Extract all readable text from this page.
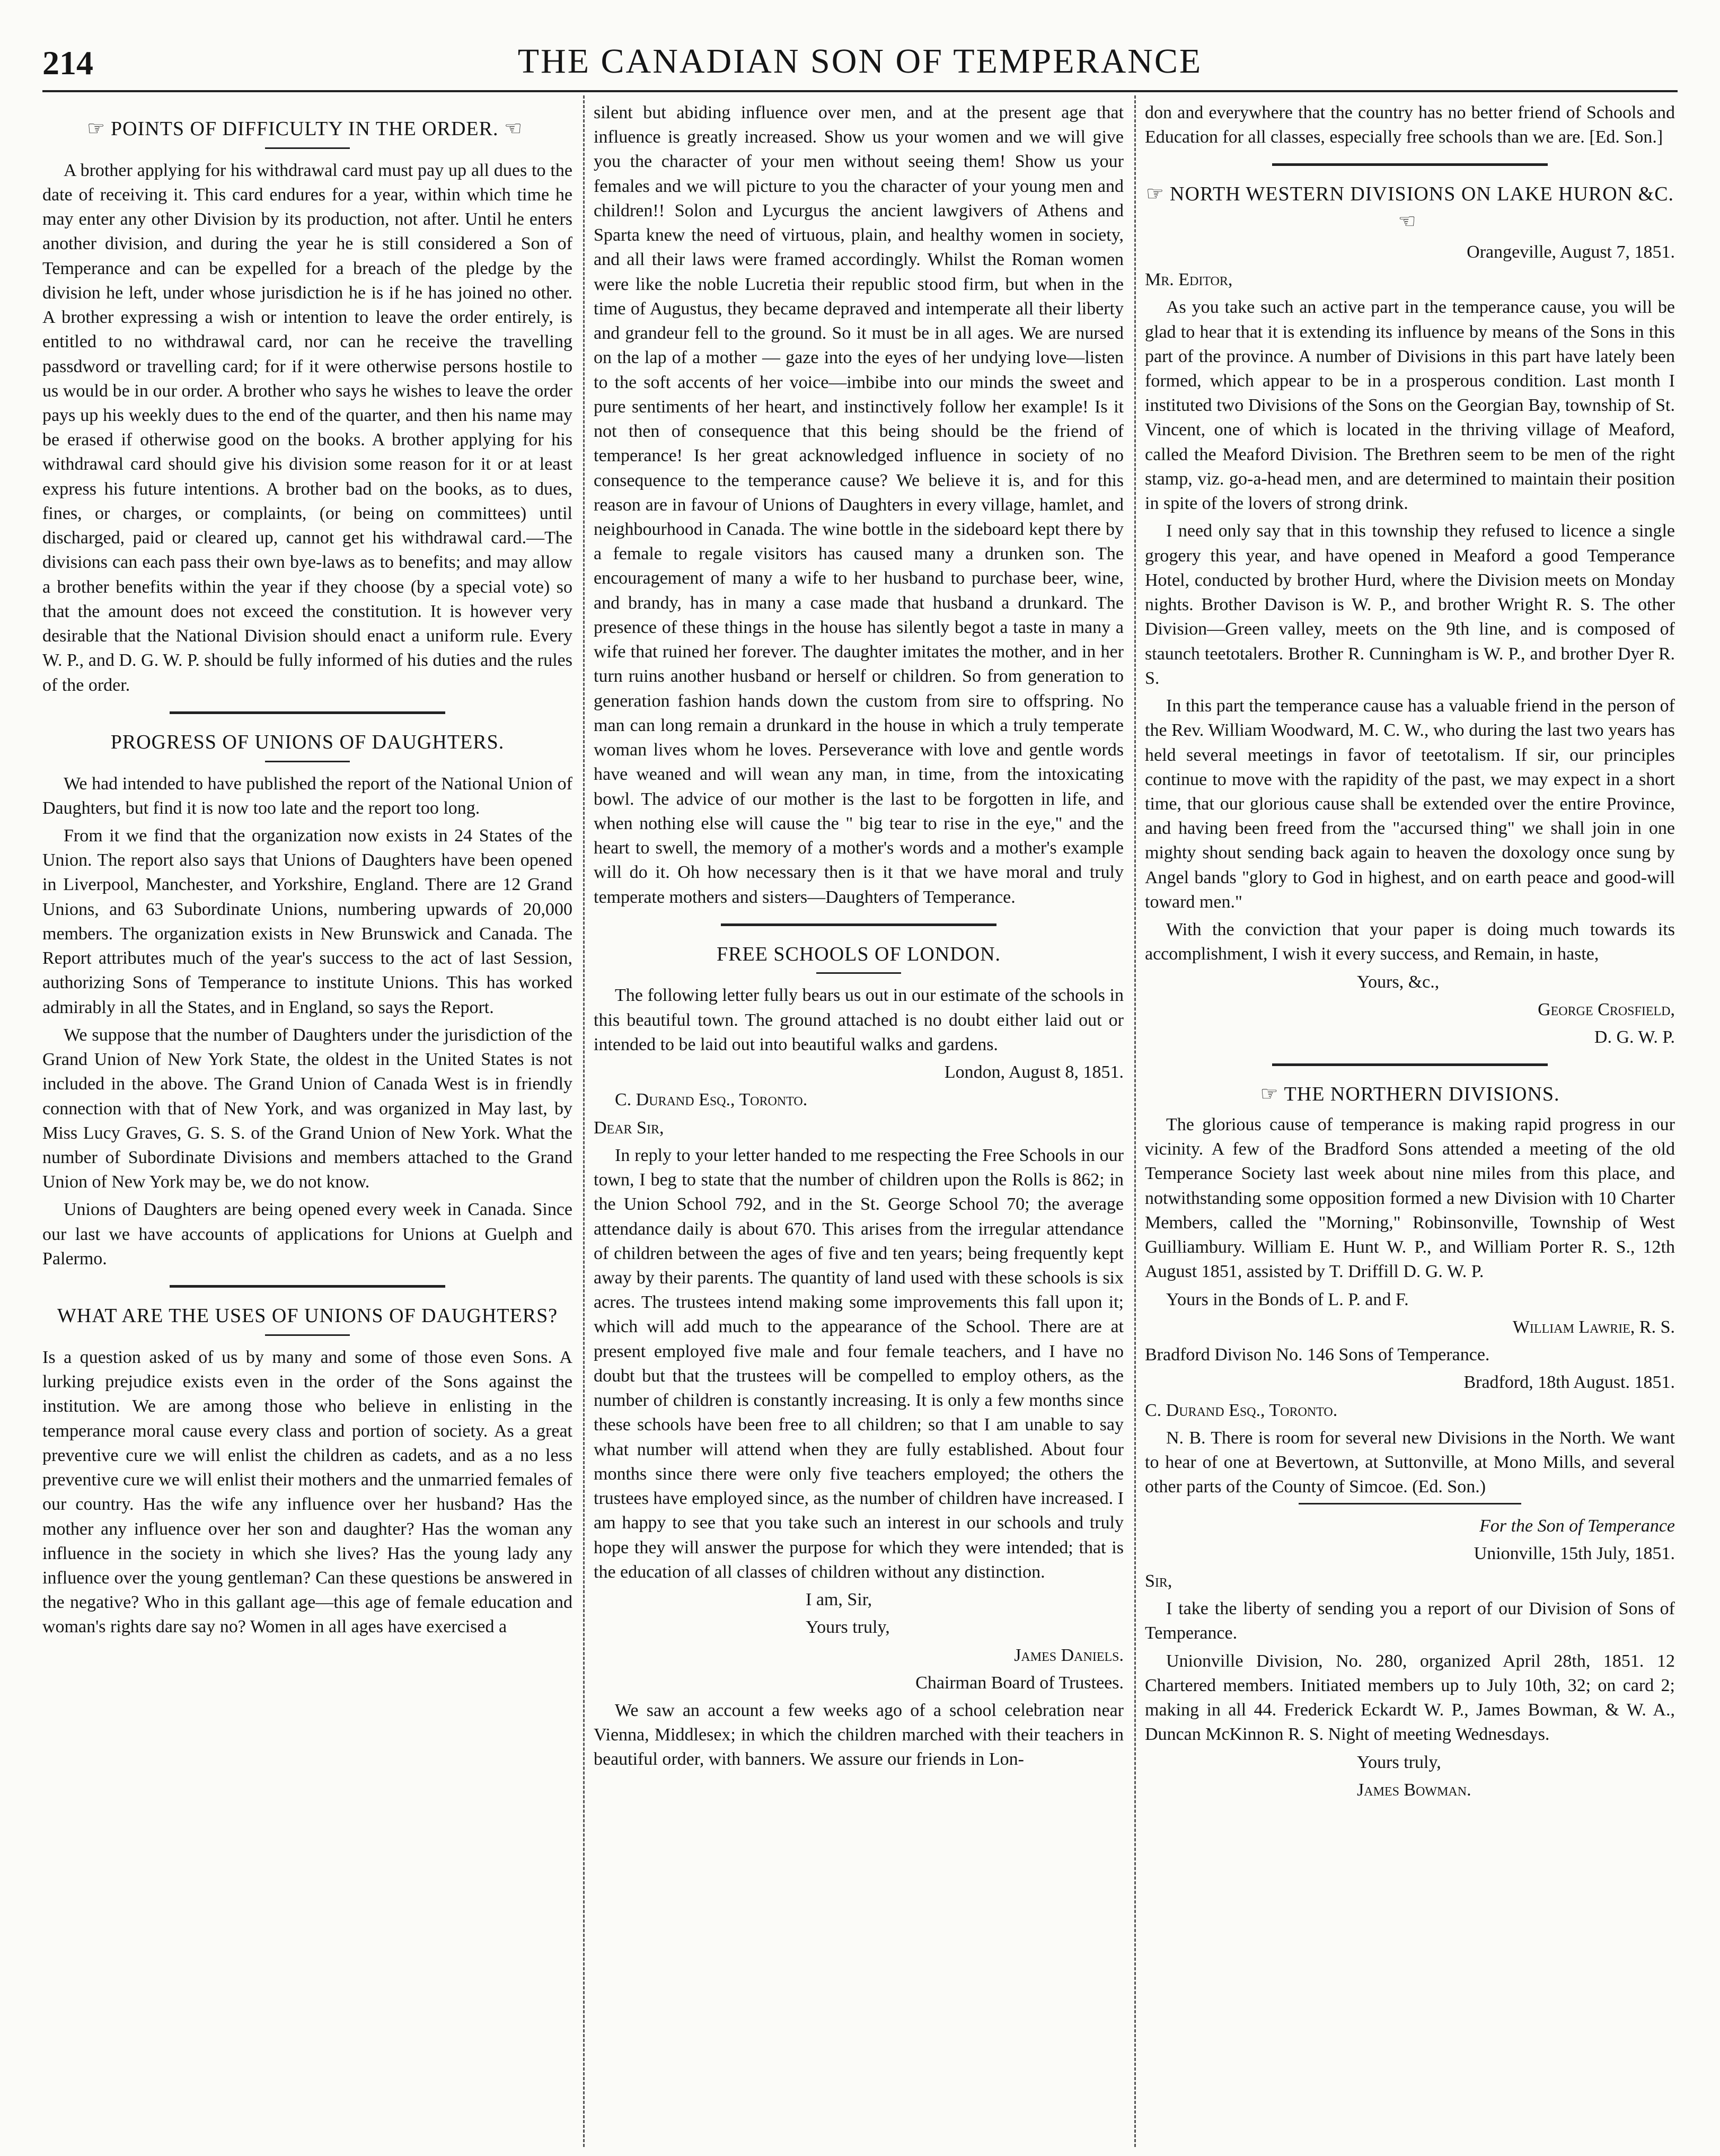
214	THE CANADIAN SON OF TEMPERANCE
☞ POINTS OF DIFFICULTY IN THE ORDER. ☜

A brother applying for his withdrawal card must pay up all dues to the date of receiving it. This card endures for a year, within which time he may enter any other Division by its production, not after. Until he enters another division, and during the year he is still considered a Son of Temperance and can be expelled for a breach of the pledge by the division he left, under whose jurisdiction he is if he has joined no other. A brother expressing a wish or intention to leave the order entirely, is entitled to no withdrawal card, nor can he receive the travelling passdword or travelling card; for if it were otherwise persons hostile to us would be in our order. A brother who says he wishes to leave the order pays up his weekly dues to the end of the quarter, and then his name may be erased if otherwise good on the books. A brother applying for his withdrawal card should give his division some reason for it or at least express his future intentions. A brother bad on the books, as to dues, fines, or charges, or complaints, (or being on committees) until discharged, paid or cleared up, cannot get his withdrawal card.—The divisions can each pass their own bye-laws as to benefits; and may allow a brother benefits within the year if they choose (by a special vote) so that the amount does not exceed the constitution. It is however very desirable that the National Division should enact a uniform rule. Every W. P., and D. G. W. P. should be fully informed of his duties and the rules of the order.

PROGRESS OF UNIONS OF DAUGHTERS.

We had intended to have published the report of the National Union of Daughters, but find it is now too late and the report too long.

From it we find that the organization now exists in 24 States of the Union. The report also says that Unions of Daughters have been opened in Liverpool, Manchester, and Yorkshire, England. There are 12 Grand Unions, and 63 Subordinate Unions, numbering upwards of 20,000 members. The organization exists in New Brunswick and Canada. The Report attributes much of the year's success to the act of last Session, authorizing Sons of Temperance to institute Unions. This has worked admirably in all the States, and in England, so says the Report.

We suppose that the number of Daughters under the jurisdiction of the Grand Union of New York State, the oldest in the United States is not included in the above. The Grand Union of Canada West is in friendly connection with that of New York, and was organized in May last, by Miss Lucy Graves, G. S. S. of the Grand Union of New York. What the number of Subordinate Divisions and members attached to the Grand Union of New York may be, we do not know.

Unions of Daughters are being opened every week in Canada. Since our last we have accounts of applications for Unions at Guelph and Palermo.

WHAT ARE THE USES OF UNIONS OF DAUGHTERS?

Is a question asked of us by many and some of those even Sons. A lurking prejudice exists even in the order of the Sons against the institution. We are among those who believe in enlisting in the temperance moral cause every class and portion of society. As a great preventive cure we will enlist the children as cadets, and as a no less preventive cure we will enlist their mothers and the unmarried females of our country. Has the wife any influence over her husband? Has the mother any influence over her son and daughter? Has the woman any influence in the society in which she lives? Has the young lady any influence over the young gentleman? Can these questions be answered in the negative? Who in this gallant age—this age of female education and woman's rights dare say no? Women in all ages have exercised a

silent but abiding influence over men, and at the present age that influence is greatly increased. Show us your women and we will give you the character of your men without seeing them! Show us your females and we will picture to you the character of your young men and children!! Solon and Lycurgus the ancient lawgivers of Athens and Sparta knew the need of virtuous, plain, and healthy women in society, and all their laws were framed accordingly. Whilst the Roman women were like the noble Lucretia their republic stood firm, but when in the time of Augustus, they became depraved and intemperate all their liberty and grandeur fell to the ground. So it must be in all ages. We are nursed on the lap of a mother — gaze into the eyes of her undying love—listen to the soft accents of her voice—imbibe into our minds the sweet and pure sentiments of her heart, and instinctively follow her example! Is it not then of consequence that this being should be the friend of temperance! Is her great acknowledged influence in society of no consequence to the temperance cause? We believe it is, and for this reason are in favour of Unions of Daughters in every village, hamlet, and neighbourhood in Canada. The wine bottle in the sideboard kept there by a female to regale visitors has caused many a drunken son. The encouragement of many a wife to her husband to purchase beer, wine, and brandy, has in many a case made that husband a drunkard. The presence of these things in the house has silently begot a taste in many a wife that ruined her forever. The daughter imitates the mother, and in her turn ruins another husband or herself or children. So from generation to generation fashion hands down the custom from sire to offspring. No man can long remain a drunkard in the house in which a truly temperate woman lives whom he loves. Perseverance with love and gentle words have weaned and will wean any man, in time, from the intoxicating bowl. The advice of our mother is the last to be forgotten in life, and when nothing else will cause the " big tear to rise in the eye," and the heart to swell, the memory of a mother's words and a mother's example will do it. Oh how necessary then is it that we have moral and truly temperate mothers and sisters—Daughters of Temperance.

FREE SCHOOLS OF LONDON.

The following letter fully bears us out in our estimate of the schools in this beautiful town. The ground attached is no doubt either laid out or intended to be laid out into beautiful walks and gardens.

London, August 8, 1851.

C. Durand Esq., Toronto.

Dear Sir,

In reply to your letter handed to me respecting the Free Schools in our town, I beg to state that the number of children upon the Rolls is 862; in the Union School 792, and in the St. George School 70; the average attendance daily is about 670. This arises from the irregular attendance of children between the ages of five and ten years; being frequently kept away by their parents. The quantity of land used with these schools is six acres. The trustees intend making some improvements this fall upon it; which will add much to the appearance of the School. There are at present employed five male and four female teachers, and I have no doubt but that the trustees will be compelled to employ others, as the number of children is constantly increasing. It is only a few months since these schools have been free to all children; so that I am unable to say what number will attend when they are fully established. About four months since there were only five teachers employed; the others the trustees have employed since, as the number of children have increased. I am happy to see that you take such an interest in our schools and truly hope they will answer the purpose for which they were intended; that is the education of all classes of children without any distinction.

I am, Sir,

Yours truly,

James Daniels.

Chairman Board of Trustees.

We saw an account a few weeks ago of a school celebration near Vienna, Middlesex; in which the children marched with their teachers in beautiful order, with banners. We assure our friends in Lon-

don and everywhere that the country has no better friend of Schools and Education for all classes, especially free schools than we are. [Ed. Son.]

☞ NORTH WESTERN DIVISIONS ON LAKE HURON &C. ☜

Orangeville, August 7, 1851.

Mr. Editor,

As you take such an active part in the temperance cause, you will be glad to hear that it is extending its influence by means of the Sons in this part of the province. A number of Divisions in this part have lately been formed, which appear to be in a prosperous condition. Last month I instituted two Divisions of the Sons on the Georgian Bay, township of St. Vincent, one of which is located in the thriving village of Meaford, called the Meaford Division. The Brethren seem to be men of the right stamp, viz. go-a-head men, and are determined to maintain their position in spite of the lovers of strong drink.

I need only say that in this township they refused to licence a single grogery this year, and have opened in Meaford a good Temperance Hotel, conducted by brother Hurd, where the Division meets on Monday nights. Brother Davison is W. P., and brother Wright R. S. The other Division—Green valley, meets on the 9th line, and is composed of staunch teetotalers. Brother R. Cunningham is W. P., and brother Dyer R. S.

In this part the temperance cause has a valuable friend in the person of the Rev. William Woodward, M. C. W., who during the last two years has held several meetings in favor of teetotalism. If sir, our principles continue to move with the rapidity of the past, we may expect in a short time, that our glorious cause shall be extended over the entire Province, and having been freed from the "accursed thing" we shall join in one mighty shout sending back again to heaven the doxology once sung by Angel bands "glory to God in highest, and on earth peace and good-will toward men."

With the conviction that your paper is doing much towards its accomplishment, I wish it every success, and Remain, in haste,

Yours, &c.,

George Crosfield,

D. G. W. P.

☞ THE NORTHERN DIVISIONS.

The glorious cause of temperance is making rapid progress in our vicinity. A few of the Bradford Sons attended a meeting of the old Temperance Society last week about nine miles from this place, and notwithstanding some opposition formed a new Division with 10 Charter Members, called the "Morning," Robinsonville, Township of West Guilliambury. William E. Hunt W. P., and William Porter R. S., 12th August 1851, assisted by T. Driffill D. G. W. P.

Yours in the Bonds of L. P. and F.

William Lawrie, R. S.

Bradford Divison No. 146 Sons of Temperance.

Bradford, 18th August. 1851.

C. Durand Esq., Toronto.

N. B. There is room for several new Divisions in the North. We want to hear of one at Bevertown, at Suttonville, at Mono Mills, and several other parts of the County of Simcoe. (Ed. Son.)

For the Son of Temperance

Unionville, 15th July, 1851.

Sir,

I take the liberty of sending you a report of our Division of Sons of Temperance.

Unionville Division, No. 280, organized April 28th, 1851. 12 Chartered members. Initiated members up to July 10th, 32; on card 2; making in all 44. Frederick Eckardt W. P., James Bowman, & W. A., Duncan McKinnon R. S. Night of meeting Wednesdays.

Yours truly,

James Bowman.
